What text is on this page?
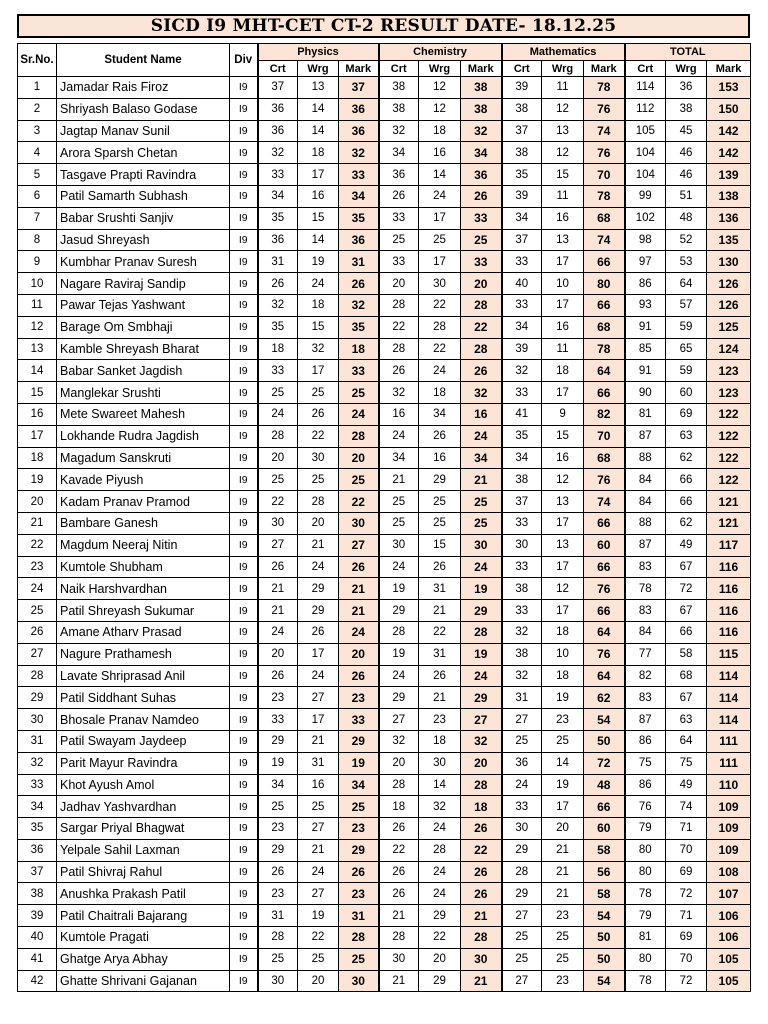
SICD I9 MHT-CET CT-2 RESULT DATE- 18.12.25
Sr.No.	Student Name	Div	Physics			Chemistry			Mathematics			TOTAL		
			Crt	Wrg	Mark	Crt	Wrg	Mark	Crt	Wrg	Mark	Crt	Wrg	Mark
1	Jamadar Rais Firoz	I9	37	13	37	38	12	38	39	11	78	114	36	153
2	Shriyash Balaso Godase	I9	36	14	36	38	12	38	38	12	76	112	38	150
3	Jagtap Manav Sunil	I9	36	14	36	32	18	32	37	13	74	105	45	142
4	Arora Sparsh Chetan	I9	32	18	32	34	16	34	38	12	76	104	46	142
5	Tasgave Prapti Ravindra	I9	33	17	33	36	14	36	35	15	70	104	46	139
6	Patil Samarth Subhash	I9	34	16	34	26	24	26	39	11	78	99	51	138
7	Babar Srushti Sanjiv	I9	35	15	35	33	17	33	34	16	68	102	48	136
8	Jasud Shreyash	I9	36	14	36	25	25	25	37	13	74	98	52	135
9	Kumbhar Pranav Suresh	I9	31	19	31	33	17	33	33	17	66	97	53	130
10	Nagare Raviraj Sandip	I9	26	24	26	20	30	20	40	10	80	86	64	126
11	Pawar Tejas Yashwant	I9	32	18	32	28	22	28	33	17	66	93	57	126
12	Barage Om Smbhaji	I9	35	15	35	22	28	22	34	16	68	91	59	125
13	Kamble Shreyash Bharat	I9	18	32	18	28	22	28	39	11	78	85	65	124
14	Babar Sanket Jagdish	I9	33	17	33	26	24	26	32	18	64	91	59	123
15	Manglekar Srushti	I9	25	25	25	32	18	32	33	17	66	90	60	123
16	Mete Swareet Mahesh	I9	24	26	24	16	34	16	41	9	82	81	69	122
17	Lokhande Rudra Jagdish	I9	28	22	28	24	26	24	35	15	70	87	63	122
18	Magadum Sanskruti	I9	20	30	20	34	16	34	34	16	68	88	62	122
19	Kavade Piyush	I9	25	25	25	21	29	21	38	12	76	84	66	122
20	Kadam Pranav Pramod	I9	22	28	22	25	25	25	37	13	74	84	66	121
21	Bambare Ganesh	I9	30	20	30	25	25	25	33	17	66	88	62	121
22	Magdum Neeraj Nitin	I9	27	21	27	30	15	30	30	13	60	87	49	117
23	Kumtole Shubham	I9	26	24	26	24	26	24	33	17	66	83	67	116
24	Naik Harshvardhan	I9	21	29	21	19	31	19	38	12	76	78	72	116
25	Patil Shreyash Sukumar	I9	21	29	21	29	21	29	33	17	66	83	67	116
26	Amane Atharv Prasad	I9	24	26	24	28	22	28	32	18	64	84	66	116
27	Nagure Prathamesh	I9	20	17	20	19	31	19	38	10	76	77	58	115
28	Lavate Shriprasad Anil	I9	26	24	26	24	26	24	32	18	64	82	68	114
29	Patil Siddhant Suhas	I9	23	27	23	29	21	29	31	19	62	83	67	114
30	Bhosale Pranav Namdeo	I9	33	17	33	27	23	27	27	23	54	87	63	114
31	Patil Swayam Jaydeep	I9	29	21	29	32	18	32	25	25	50	86	64	111
32	Parit Mayur Ravindra	I9	19	31	19	20	30	20	36	14	72	75	75	111
33	Khot Ayush Amol	I9	34	16	34	28	14	28	24	19	48	86	49	110
34	Jadhav Yashvardhan	I9	25	25	25	18	32	18	33	17	66	76	74	109
35	Sargar Priyal Bhagwat	I9	23	27	23	26	24	26	30	20	60	79	71	109
36	Yelpale Sahil Laxman	I9	29	21	29	22	28	22	29	21	58	80	70	109
37	Patil Shivraj Rahul	I9	26	24	26	26	24	26	28	21	56	80	69	108
38	Anushka Prakash Patil	I9	23	27	23	26	24	26	29	21	58	78	72	107
39	Patil Chaitrali Bajarang	I9	31	19	31	21	29	21	27	23	54	79	71	106
40	Kumtole Pragati	I9	28	22	28	28	22	28	25	25	50	81	69	106
41	Ghatge Arya Abhay	I9	25	25	25	30	20	30	25	25	50	80	70	105
42	Ghatte Shrivani Gajanan	I9	30	20	30	21	29	21	27	23	54	78	72	105
